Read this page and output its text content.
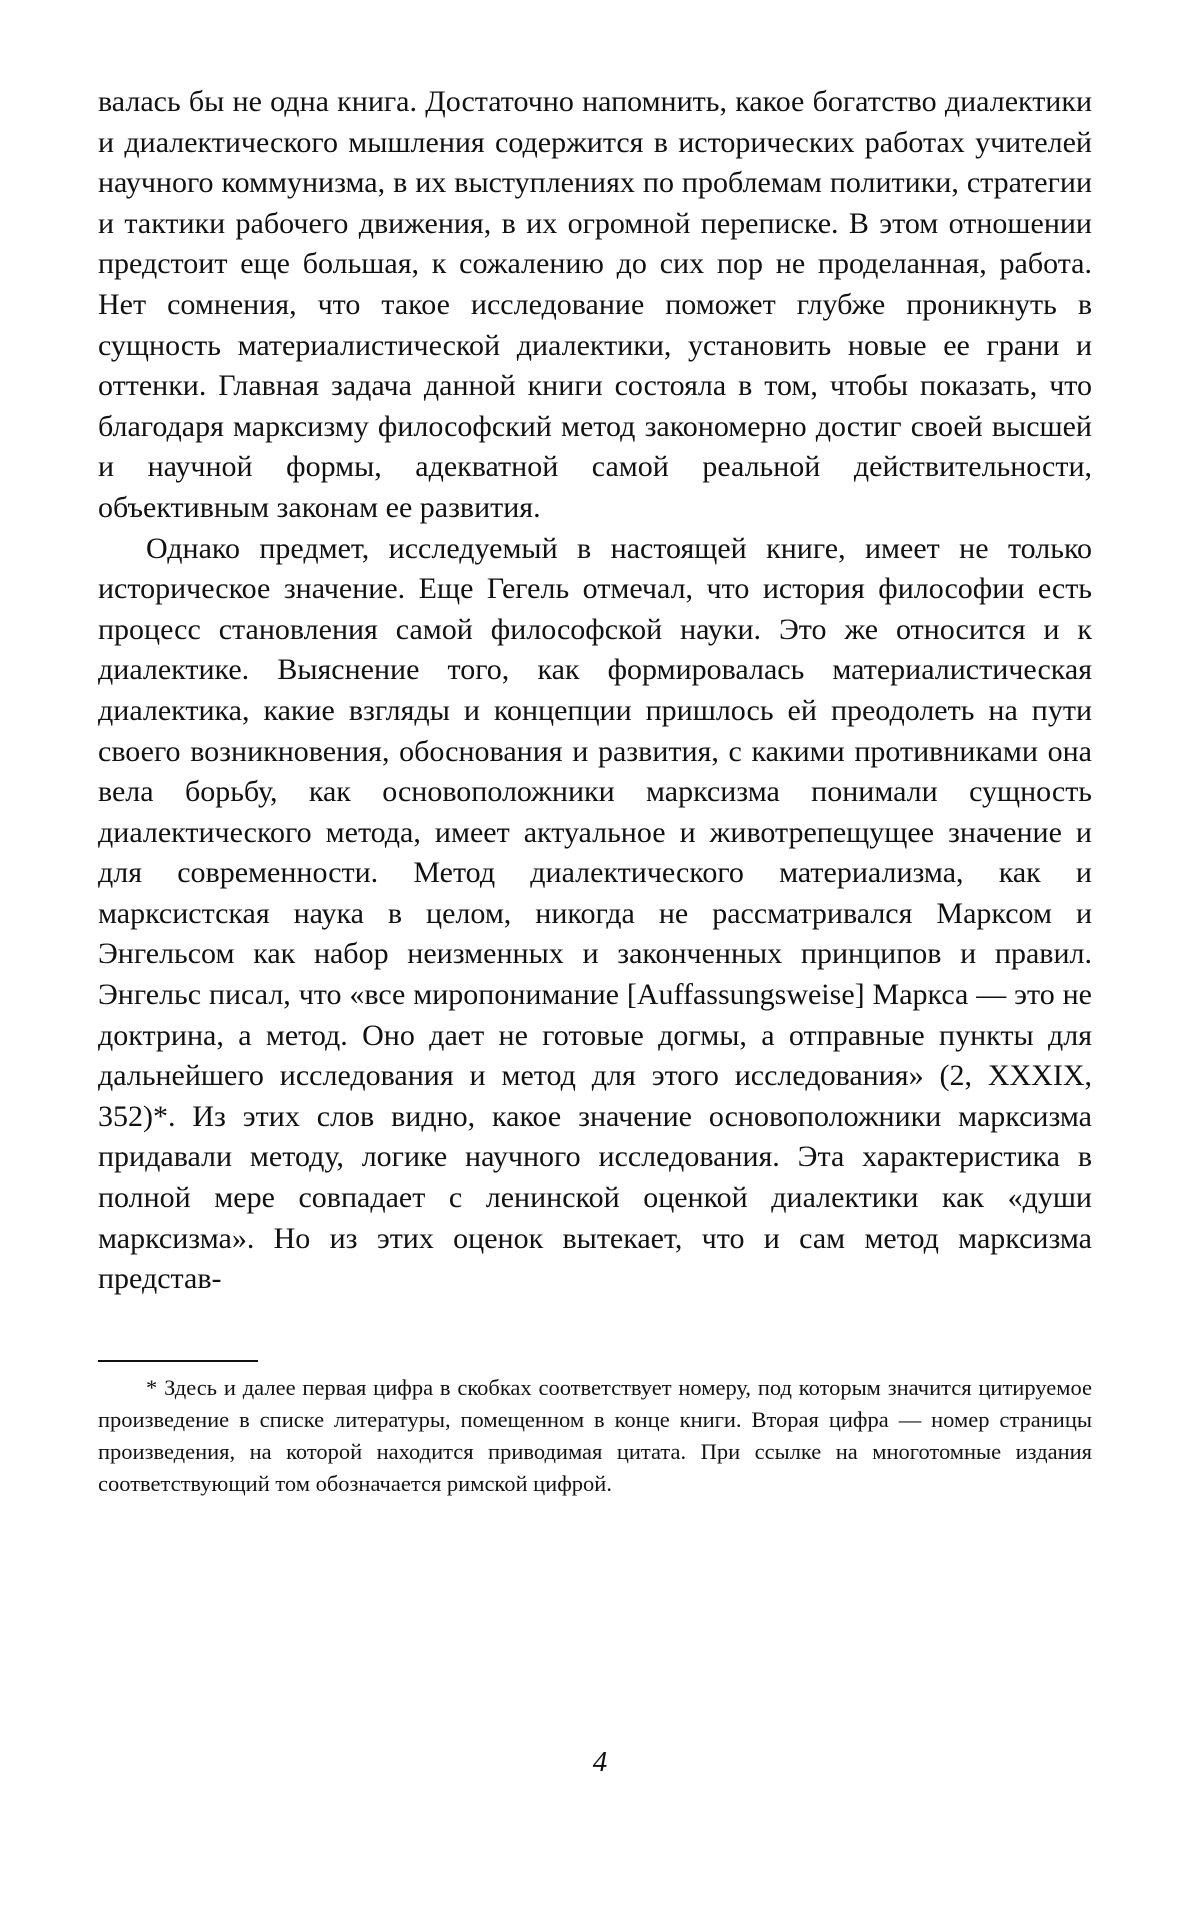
валась бы не одна книга. Достаточно напомнить, какое богатство диалектики и диалектического мышления содержится в исторических работах учителей научного коммунизма, в их выступлениях по проблемам политики, стратегии и тактики рабочего движения, в их огромной переписке. В этом отношении предстоит еще большая, к сожалению до сих пор не проделанная, работа. Нет сомнения, что такое исследование поможет глубже проникнуть в сущность материалистической диалектики, установить новые ее грани и оттенки. Главная задача данной книги состояла в том, чтобы показать, что благодаря марксизму философский метод закономерно достиг своей высшей и научной формы, адекватной самой реальной действительности, объективным законам ее развития.

Однако предмет, исследуемый в настоящей книге, имеет не только историческое значение. Еще Гегель отмечал, что история философии есть процесс становления самой философской науки. Это же относится и к диалектике. Выяснение того, как формировалась материалистическая диалектика, какие взгляды и концепции пришлось ей преодолеть на пути своего возникновения, обоснования и развития, с какими противниками она вела борьбу, как основоположники марксизма понимали сущность диалектического метода, имеет актуальное и животрепещущее значение и для современности. Метод диалектического материализма, как и марксистская наука в целом, никогда не рассматривался Марксом и Энгельсом как набор неизменных и законченных принципов и правил. Энгельс писал, что «все миропонимание [Auffassungsweise] Маркса — это не доктрина, а метод. Оно дает не готовые догмы, а отправные пункты для дальнейшего исследования и метод для этого исследования» (2, XXXIX, 352)*. Из этих слов видно, какое значение основоположники марксизма придавали методу, логике научного исследования. Эта характеристика в полной мере совпадает с ленинской оценкой диалектики как «души марксизма». Но из этих оценок вытекает, что и сам метод марксизма представ-

* Здесь и далее первая цифра в скобках соответствует номеру, под которым значится цитируемое произведение в списке литературы, помещенном в конце книги. Вторая цифра — номер страницы произведения, на которой находится приводимая цитата. При ссылке на многотомные издания соответствующий том обозначается римской цифрой.

4
